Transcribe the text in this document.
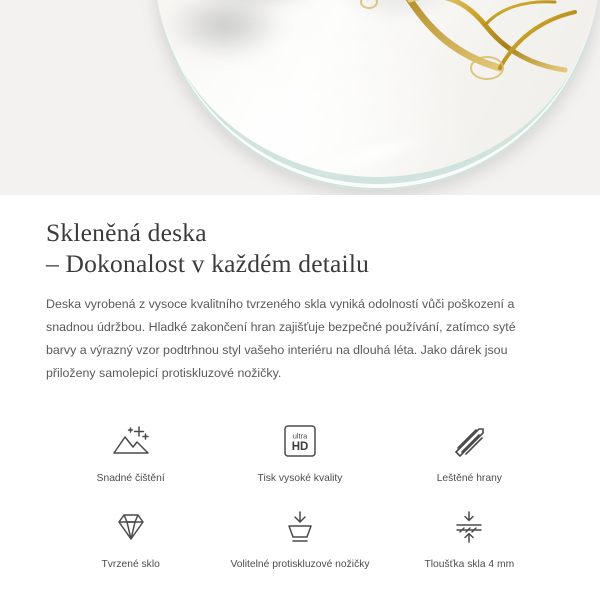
Skleněná deska
– Dokonalost v každém detailu

Deska vyrobená z vysoce kvalitního tvrzeného skla vyniká odolností vůči poškození a snadnou údržbou. Hladké zakončení hran zajišťuje bezpečné používání, zatímco syté barvy a výrazný vzor podtrhnou styl vašeho interiéru na dlouhá léta. Jako dárek jsou přiloženy samolepicí protiskluzové nožičky.

Snadné čištění
ultra
HD
Tisk vysoké kvality	Leštěné hrany
Tvrzené sklo	Volitelné protiskluzové nožičky	Tloušťka skla 4 mm
